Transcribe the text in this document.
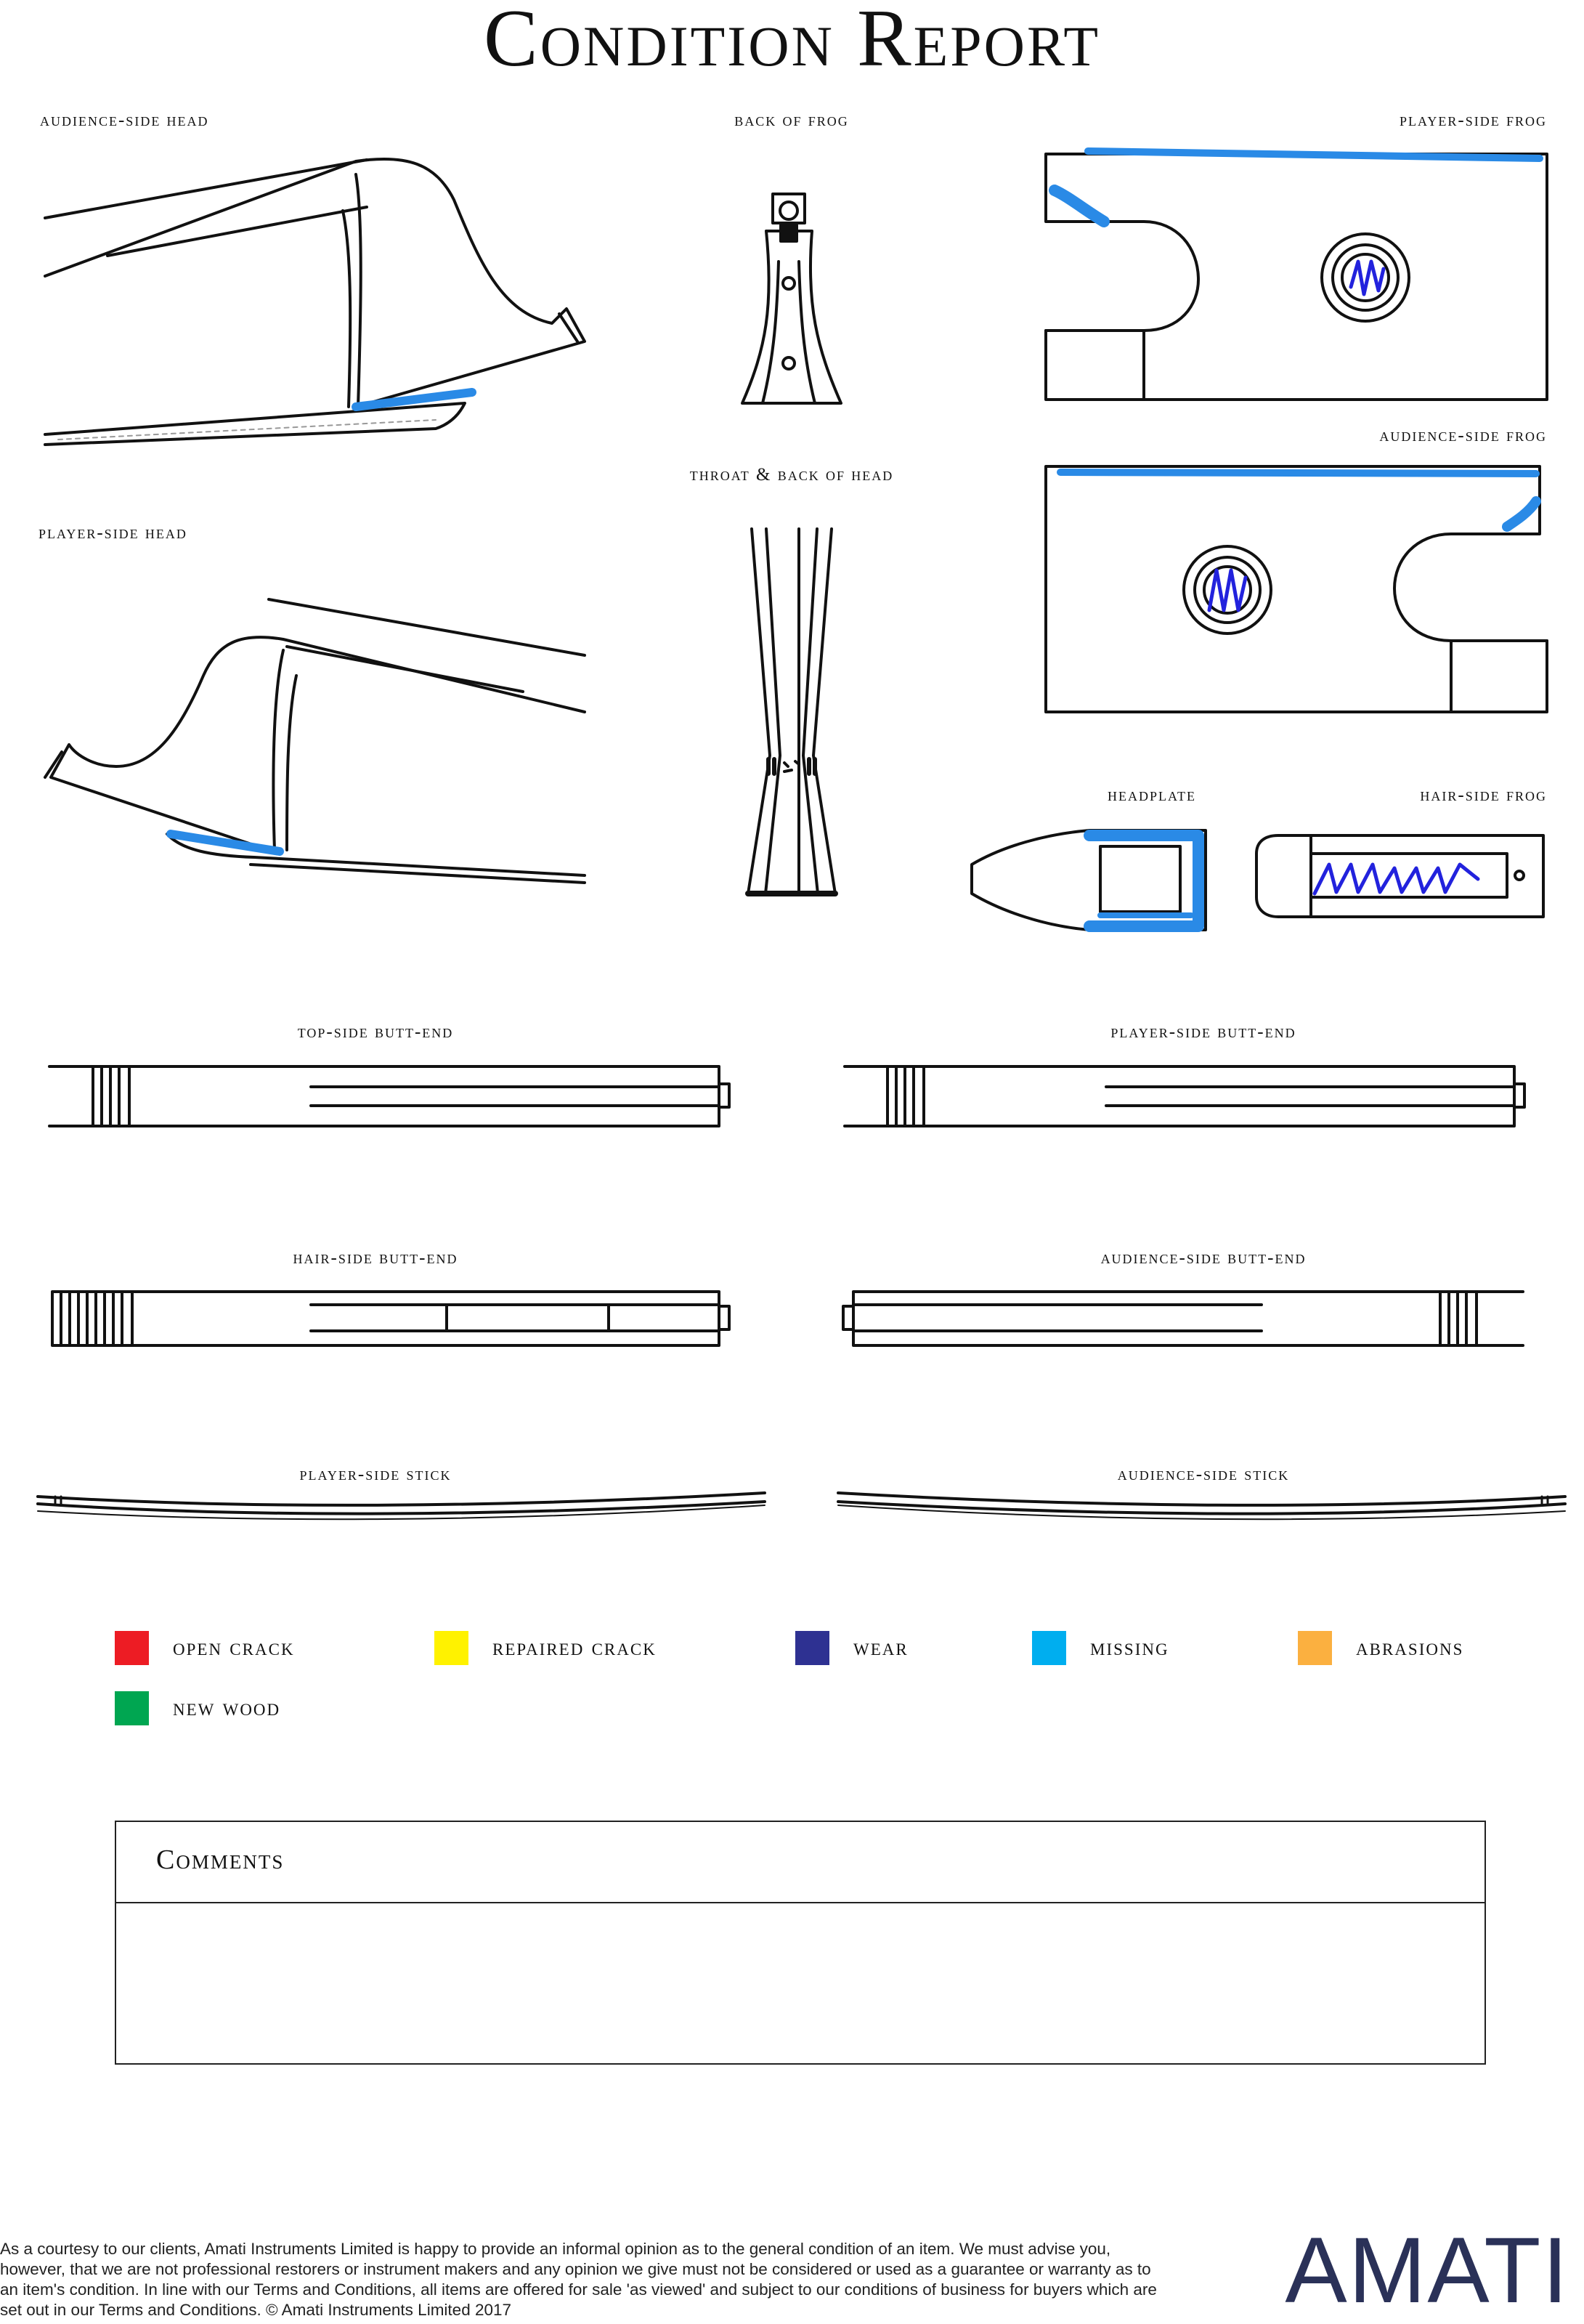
Condition Report
audience-side head	back of frog	player-side frog
throat & back of head
audience-side frog
player-side head
headplate	hair-side frog
top-side butt-end	player-side butt-end
hair-side butt-end	audience-side butt-end
player-side stick	audience-side stick
open crack	repaired crack	wear	missing	abrasions
new wood
Comments
As a courtesy to our clients, Amati Instruments Limited is happy to provide an informal opinion as to the general condition of an item. We must advise you, however, that we are not professional restorers or instrument makers and any opinion we give must not be considered or used as a guarantee or warranty as to an item's condition. In line with our Terms and Conditions, all items are offered for sale 'as viewed' and subject to our conditions of business for buyers which are set out in our Terms and Conditions. © Amati Instruments Limited 2017	AMATI
